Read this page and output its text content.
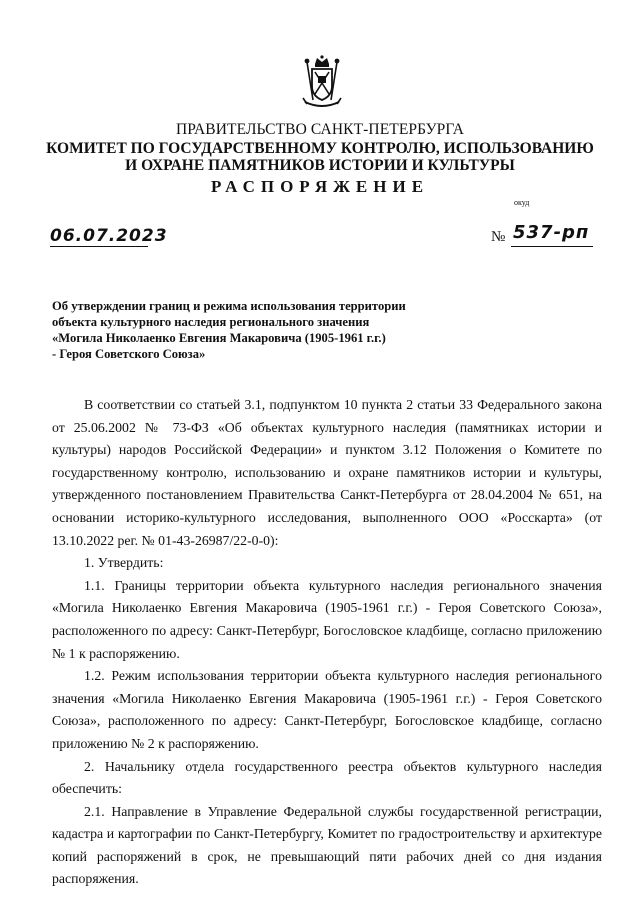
ПРАВИТЕЛЬСТВО САНКТ-ПЕТЕРБУРГА
КОМИТЕТ ПО ГОСУДАРСТВЕННОМУ КОНТРОЛЮ, ИСПОЛЬЗОВАНИЮ
И ОХРАНЕ ПАМЯТНИКОВ ИСТОРИИ И КУЛЬТУРЫ
РАСПОРЯЖЕНИЕ
окуд
06.07.2023	№ 537-рп
Об утверждении границ и режима использования территории
объекта культурного наследия регионального значения
«Могила Николаенко Евгения Макаровича (1905-1961 г.г.)
- Героя Советского Союза»

В соответствии со статьей 3.1, подпунктом 10 пункта 2 статьи 33 Федерального закона от 25.06.2002 № 73-ФЗ «Об объектах культурного наследия (памятниках истории и культуры) народов Российской Федерации» и пунктом 3.12 Положения о Комитете по государственному контролю, использованию и охране памятников истории и культуры, утвержденного постановлением Правительства Санкт-Петербурга от 28.04.2004 № 651, на основании историко-культурного исследования, выполненного ООО «Росскарта» (от 13.10.2022 рег. № 01-43-26987/22-0-0):

1. Утвердить:

1.1. Границы территории объекта культурного наследия регионального значения «Могила Николаенко Евгения Макаровича (1905-1961 г.г.) - Героя Советского Союза», расположенного по адресу: Санкт-Петербург, Богословское кладбище, согласно приложению № 1 к распоряжению.

1.2. Режим использования территории объекта культурного наследия регионального значения «Могила Николаенко Евгения Макаровича (1905-1961 г.г.) - Героя Советского Союза», расположенного по адресу: Санкт-Петербург, Богословское кладбище, согласно приложению № 2 к распоряжению.

2. Начальнику отдела государственного реестра объектов культурного наследия обеспечить:

2.1. Направление в Управление Федеральной службы государственной регистрации, кадастра и картографии по Санкт-Петербургу, Комитет по градостроительству и архитектуре копий распоряжений в срок, не превышающий пяти рабочих дней со дня издания распоряжения.
